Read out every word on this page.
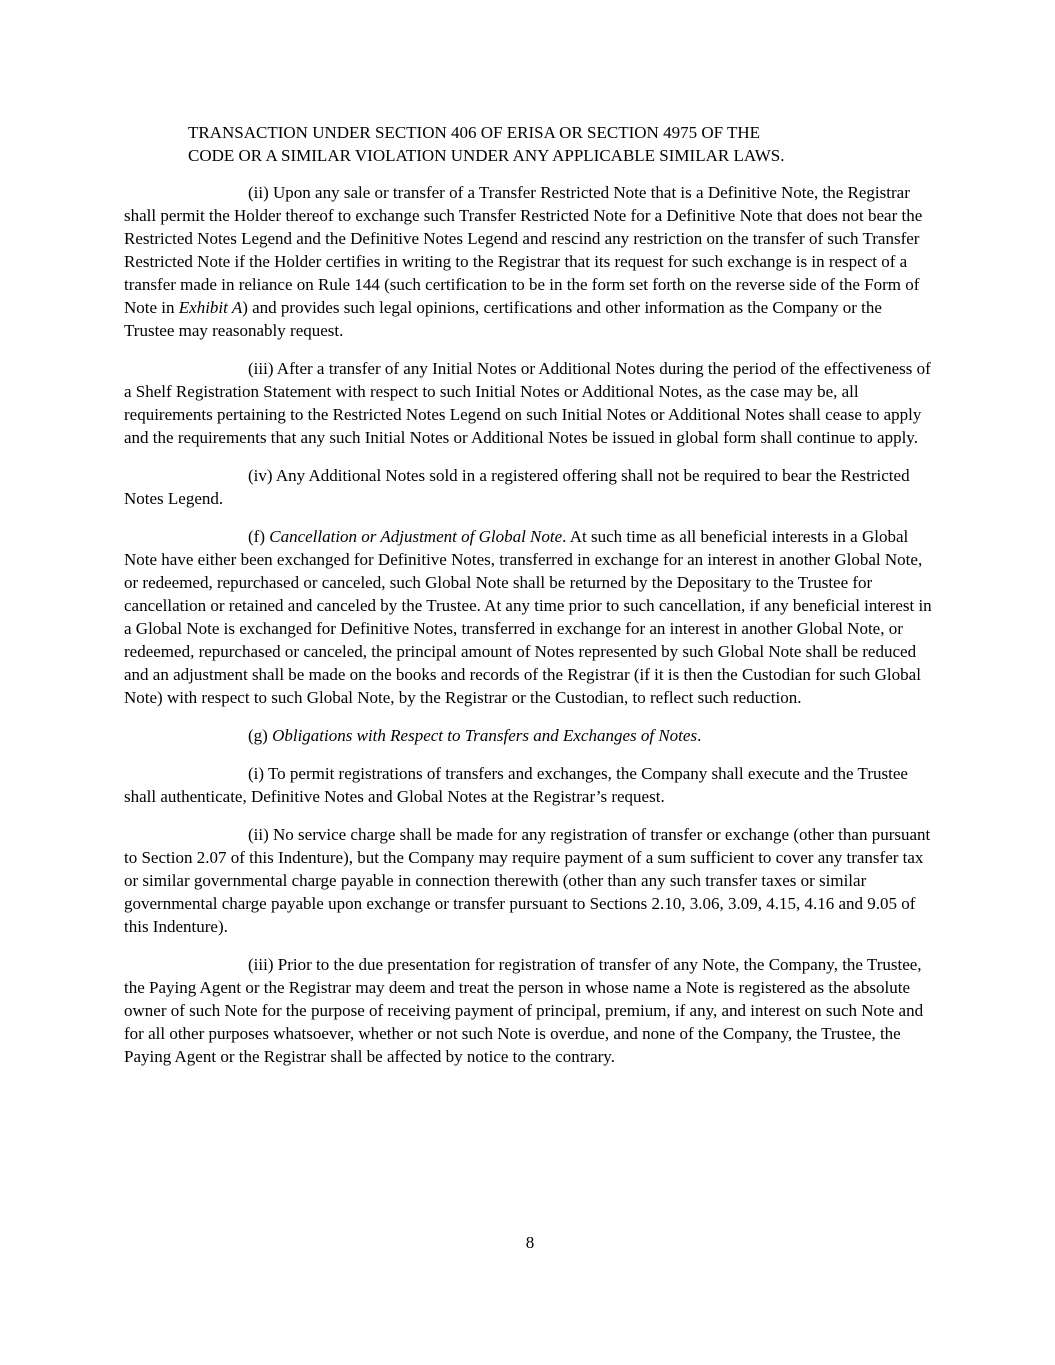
TRANSACTION UNDER SECTION 406 OF ERISA OR SECTION 4975 OF THE
CODE OR A SIMILAR VIOLATION UNDER ANY APPLICABLE SIMILAR LAWS.

(ii) Upon any sale or transfer of a Transfer Restricted Note that is a Definitive Note, the Registrar shall permit the Holder thereof to exchange such Transfer Restricted Note for a Definitive Note that does not bear the Restricted Notes Legend and the Definitive Notes Legend and rescind any restriction on the transfer of such Transfer Restricted Note if the Holder certifies in writing to the Registrar that its request for such exchange is in respect of a transfer made in reliance on Rule 144 (such certification to be in the form set forth on the reverse side of the Form of Note in Exhibit A) and provides such legal opinions, certifications and other information as the Company or the Trustee may reasonably request.

(iii) After a transfer of any Initial Notes or Additional Notes during the period of the effectiveness of a Shelf Registration Statement with respect to such Initial Notes or Additional Notes, as the case may be, all requirements pertaining to the Restricted Notes Legend on such Initial Notes or Additional Notes shall cease to apply and the requirements that any such Initial Notes or Additional Notes be issued in global form shall continue to apply.

(iv) Any Additional Notes sold in a registered offering shall not be required to bear the Restricted Notes Legend.

(f) Cancellation or Adjustment of Global Note. At such time as all beneficial interests in a Global Note have either been exchanged for Definitive Notes, transferred in exchange for an interest in another Global Note, or redeemed, repurchased or canceled, such Global Note shall be returned by the Depositary to the Trustee for cancellation or retained and canceled by the Trustee. At any time prior to such cancellation, if any beneficial interest in a Global Note is exchanged for Definitive Notes, transferred in exchange for an interest in another Global Note, or redeemed, repurchased or canceled, the principal amount of Notes represented by such Global Note shall be reduced and an adjustment shall be made on the books and records of the Registrar (if it is then the Custodian for such Global Note) with respect to such Global Note, by the Registrar or the Custodian, to reflect such reduction.

(g) Obligations with Respect to Transfers and Exchanges of Notes.

(i) To permit registrations of transfers and exchanges, the Company shall execute and the Trustee shall authenticate, Definitive Notes and Global Notes at the Registrar’s request.

(ii) No service charge shall be made for any registration of transfer or exchange (other than pursuant to Section 2.07 of this Indenture), but the Company may require payment of a sum sufficient to cover any transfer tax or similar governmental charge payable in connection therewith (other than any such transfer taxes or similar governmental charge payable upon exchange or transfer pursuant to Sections 2.10, 3.06, 3.09, 4.15, 4.16 and 9.05 of this Indenture).

(iii) Prior to the due presentation for registration of transfer of any Note, the Company, the Trustee, the Paying Agent or the Registrar may deem and treat the person in whose name a Note is registered as the absolute owner of such Note for the purpose of receiving payment of principal, premium, if any, and interest on such Note and for all other purposes whatsoever, whether or not such Note is overdue, and none of the Company, the Trustee, the Paying Agent or the Registrar shall be affected by notice to the contrary.

8
